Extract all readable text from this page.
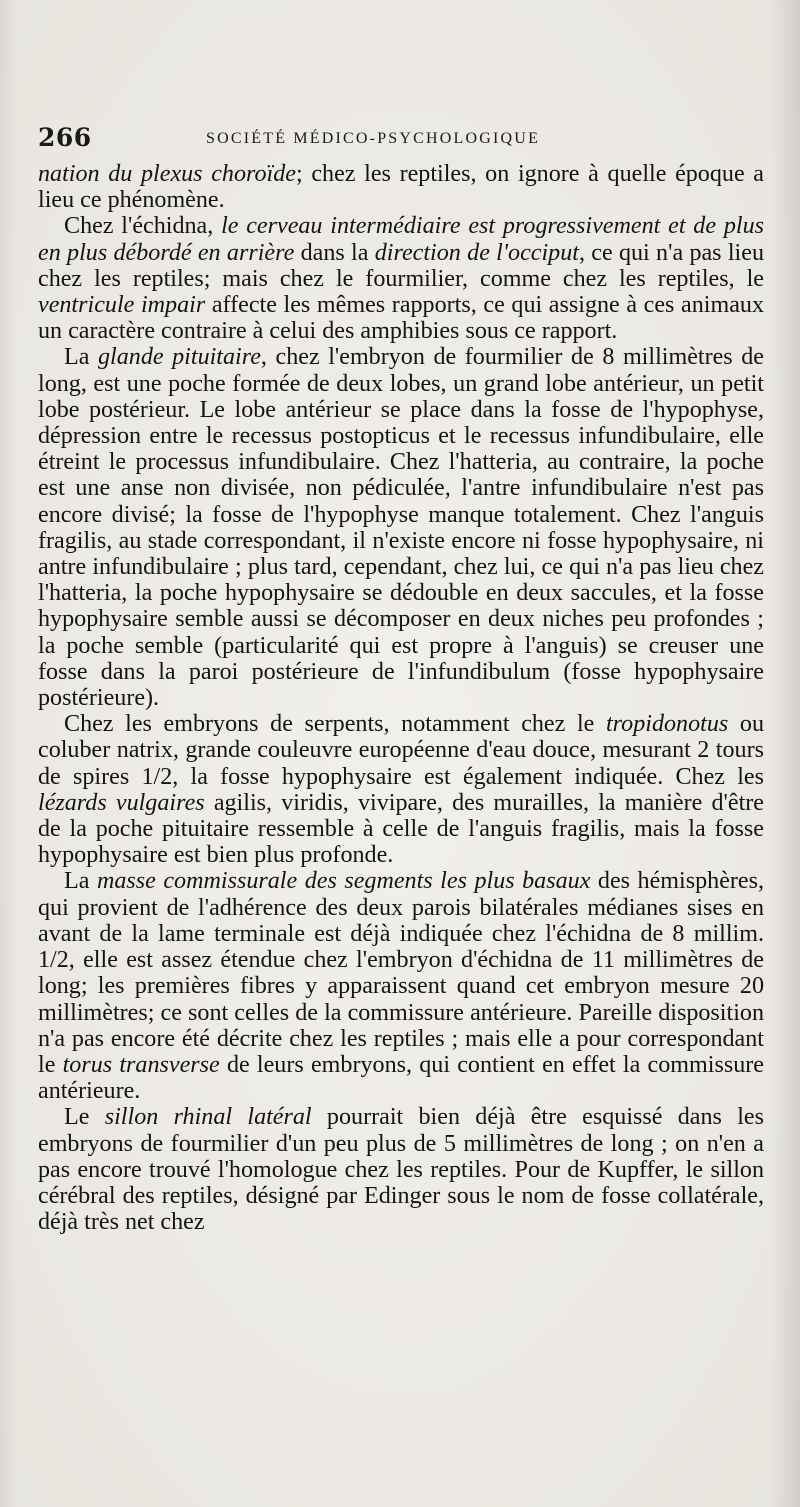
266	SOCIÉTÉ MÉDICO-PSYCHOLOGIQUE

nation du plexus choroïde; chez les reptiles, on ignore à quelle époque a lieu ce phénomène.

Chez l'échidna, le cerveau intermédiaire est progressivement et de plus en plus débordé en arrière dans la direction de l'occiput, ce qui n'a pas lieu chez les reptiles; mais chez le fourmilier, comme chez les reptiles, le ventricule impair affecte les mêmes rapports, ce qui assigne à ces animaux un caractère contraire à celui des amphibies sous ce rapport.

La glande pituitaire, chez l'embryon de fourmilier de 8 millimètres de long, est une poche formée de deux lobes, un grand lobe antérieur, un petit lobe postérieur. Le lobe antérieur se place dans la fosse de l'hypophyse, dépression entre le recessus postopticus et le recessus infundibulaire, elle étreint le processus infundibulaire. Chez l'hatteria, au contraire, la poche est une anse non divisée, non pédiculée, l'antre infundibulaire n'est pas encore divisé; la fosse de l'hypophyse manque totalement. Chez l'anguis fragilis, au stade correspondant, il n'existe encore ni fosse hypophysaire, ni antre infundibulaire ; plus tard, cependant, chez lui, ce qui n'a pas lieu chez l'hatteria, la poche hypophysaire se dédouble en deux saccules, et la fosse hypophysaire semble aussi se décomposer en deux niches peu profondes ; la poche semble (particularité qui est propre à l'anguis) se creuser une fosse dans la paroi postérieure de l'infundibulum (fosse hypophysaire postérieure).

Chez les embryons de serpents, notamment chez le tropidonotus ou coluber natrix, grande couleuvre européenne d'eau douce, mesurant 2 tours de spires 1/2, la fosse hypophysaire est également indiquée. Chez les lézards vulgaires agilis, viridis, vivipare, des murailles, la manière d'être de la poche pituitaire ressemble à celle de l'anguis fragilis, mais la fosse hypophysaire est bien plus profonde.

La masse commissurale des segments les plus basaux des hémisphères, qui provient de l'adhérence des deux parois bilatérales médianes sises en avant de la lame terminale est déjà indiquée chez l'échidna de 8 millim. 1/2, elle est assez étendue chez l'embryon d'échidna de 11 millimètres de long; les premières fibres y apparaissent quand cet embryon mesure 20 millimètres; ce sont celles de la commissure antérieure. Pareille disposition n'a pas encore été décrite chez les reptiles ; mais elle a pour correspondant le torus transverse de leurs embryons, qui contient en effet la commissure antérieure.

Le sillon rhinal latéral pourrait bien déjà être esquissé dans les embryons de fourmilier d'un peu plus de 5 millimètres de long ; on n'en a pas encore trouvé l'homologue chez les reptiles. Pour de Kupffer, le sillon cérébral des reptiles, désigné par Edinger sous le nom de fosse collatérale, déjà très net chez
